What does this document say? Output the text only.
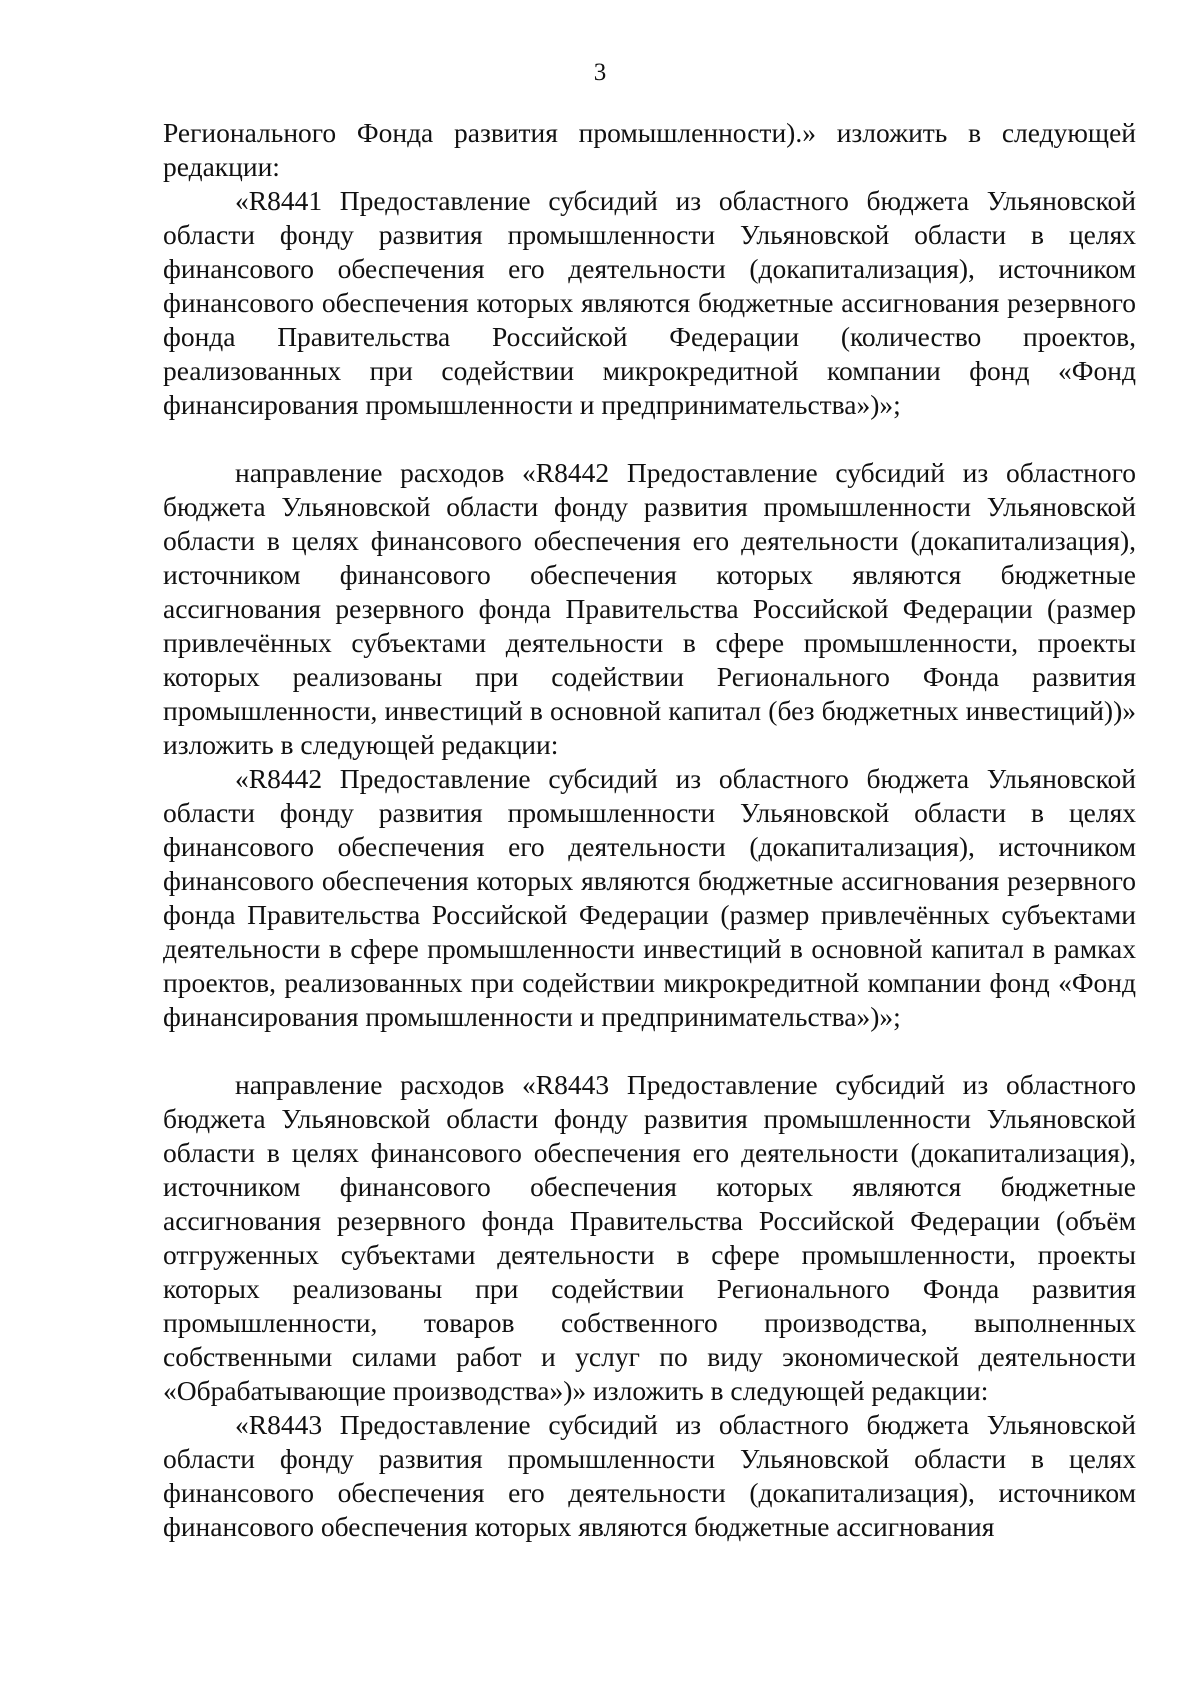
3

Регионального Фонда развития промышленности).» изложить в следующей редакции:

«R8441 Предоставление субсидий из областного бюджета Ульяновской области фонду развития промышленности Ульяновской области в целях финансового обеспечения его деятельности (докапитализация), источником финансового обеспечения которых являются бюджетные ассигнования резервного фонда Правительства Российской Федерации (количество проектов, реализованных при содействии микрокредитной компании фонд «Фонд финансирования промышленности и предпринимательства»)»;

направление расходов «R8442 Предоставление субсидий из областного бюджета Ульяновской области фонду развития промышленности Ульяновской области в целях финансового обеспечения его деятельности (докапитализация), источником финансового обеспечения которых являются бюджетные ассигнования резервного фонда Правительства Российской Федерации (размер привлечённых субъектами деятельности в сфере промышленности, проекты которых реализованы при содействии Регионального Фонда развития промышленности, инвестиций в основной капитал (без бюджетных инвестиций))» изложить в следующей редакции:

«R8442 Предоставление субсидий из областного бюджета Ульяновской области фонду развития промышленности Ульяновской области в целях финансового обеспечения его деятельности (докапитализация), источником финансового обеспечения которых являются бюджетные ассигнования резервного фонда Правительства Российской Федерации (размер привлечённых субъектами деятельности в сфере промышленности инвестиций в основной капитал в рамках проектов, реализованных при содействии микрокредитной компании фонд «Фонд финансирования промышленности и предпринимательства»)»;

направление расходов «R8443 Предоставление субсидий из областного бюджета Ульяновской области фонду развития промышленности Ульяновской области в целях финансового обеспечения его деятельности (докапитализация), источником финансового обеспечения которых являются бюджетные ассигнования резервного фонда Правительства Российской Федерации (объём отгруженных субъектами деятельности в сфере промышленности, проекты которых реализованы при содействии Регионального Фонда развития промышленности, товаров собственного производства, выполненных собственными силами работ и услуг по виду экономической деятельности «Обрабатывающие производства»)» изложить в следующей редакции:

«R8443 Предоставление субсидий из областного бюджета Ульяновской области фонду развития промышленности Ульяновской области в целях финансового обеспечения его деятельности (докапитализация), источником финансового обеспечения которых являются бюджетные ассигнования
